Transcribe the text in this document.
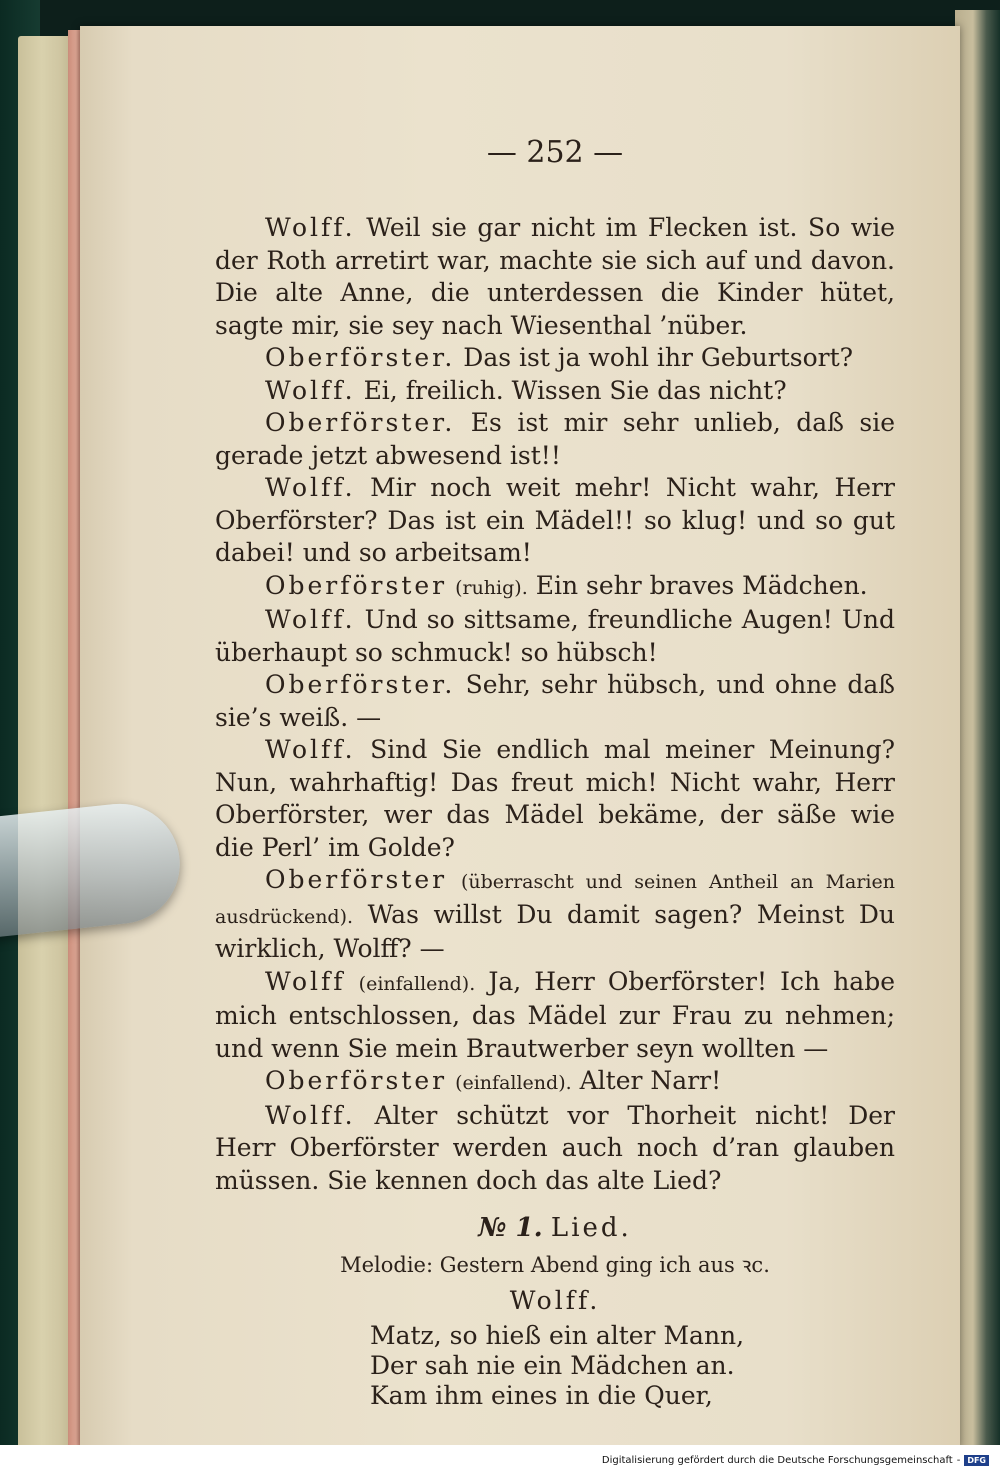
— 252 —

Wolff. Weil sie gar nicht im Flecken ist. So wie der Roth arretirt war, machte sie sich auf und davon. Die alte Anne, die unterdessen die Kinder hütet, sagte mir, sie sey nach Wiesenthal ’nüber.

Oberförster. Das ist ja wohl ihr Geburtsort?

Wolff. Ei, freilich. Wissen Sie das nicht?

Oberförster. Es ist mir sehr unlieb, daß sie gerade jetzt abwesend ist!!

Wolff. Mir noch weit mehr! Nicht wahr, Herr Oberförster? Das ist ein Mädel!! so klug! und so gut dabei! und so arbeitsam!

Oberförster (ruhig). Ein sehr braves Mädchen.

Wolff. Und so sittsame, freundliche Augen! Und überhaupt so schmuck! so hübsch!

Oberförster. Sehr, sehr hübsch, und ohne daß sie’s weiß. —

Wolff. Sind Sie endlich mal meiner Meinung? Nun, wahrhaftig! Das freut mich! Nicht wahr, Herr Oberförster, wer das Mädel bekäme, der säße wie die Perl’ im Golde?

Oberförster (überrascht und seinen Antheil an Marien ausdrückend). Was willst Du damit sagen? Meinst Du wirklich, Wolff? —

Wolff (einfallend). Ja, Herr Oberförster! Ich habe mich entschlossen, das Mädel zur Frau zu nehmen; und wenn Sie mein Brautwerber seyn wollten —

Oberförster (einfallend). Alter Narr!

Wolff. Alter schützt vor Thorheit nicht! Der Herr Oberförster werden auch noch d’ran glauben müssen. Sie kennen doch das alte Lied?

№ 1. Lied.
Melodie: Gestern Abend ging ich aus ꝛc.
Wolff.
Matz, so hieß ein alter Mann,
Der sah nie ein Mädchen an.
Kam ihm eines in die Quer,
Digitalisierung gefördert durch die Deutsche Forschungsgemeinschaft - DFG
